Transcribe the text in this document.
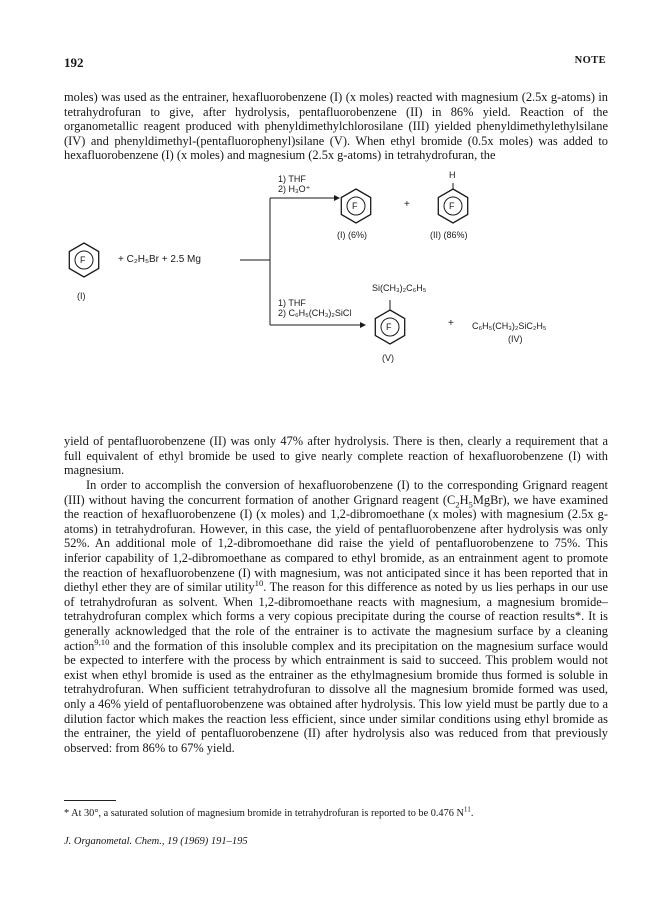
192	NOTE

moles) was used as the entrainer, hexafluorobenzene (I) (x moles) reacted with magnesium (2.5x g-atoms) in tetrahydrofuran to give, after hydrolysis, pentafluorobenzene (II) in 86% yield. Reaction of the organometallic reagent produced with phenyldimethylchlorosilane (III) yielded phenyldimethylethylsilane (IV) and phenyldimethyl-(pentafluorophenyl)silane (V). When ethyl bromide (0.5x moles) was added to hexafluorobenzene (I) (x moles) and magnesium (2.5x g-atoms) in tetrahydrofuran, the

F
(I)
+ C₂H₅Br + 2.5 Mg
1) THF
2) H₃O⁺
F	+	F
H
(I) (6%)	(II) (86%)
1) THF
2) C₆H₅(CH₃)₂SiCl
Si(CH₃)₂C₆H₅
F
(V)
+ C₆H₅(CH₃)₂SiC₂H₅
(IV)

yield of pentafluorobenzene (II) was only 47% after hydrolysis. There is then, clearly a requirement that a full equivalent of ethyl bromide be used to give nearly complete reaction of hexafluorobenzene (I) with magnesium.

In order to accomplish the conversion of hexafluorobenzene (I) to the corresponding Grignard reagent (III) without having the concurrent formation of another Grignard reagent $(C_2H_5MgBr)$, we have examined the reaction of hexafluorobenzene (I) (x moles) and 1,2-dibromoethane (x moles) with magnesium (2.5x g-atoms) in tetrahydrofuran. However, in this case, the yield of pentafluorobenzene after hydrolysis was only 52%. An additional mole of 1,2-dibromoethane did raise the yield of pentafluorobenzene to 75%. This inferior capability of 1,2-dibromoethane as compared to ethyl bromide, as an entrainment agent to promote the reaction of hexafluorobenzene (I) with magnesium, was not anticipated since it has been reported that in diethyl ether they are of similar utility$^{10}$. The reason for this difference as noted by us lies perhaps in our use of tetrahydrofuran as solvent. When 1,2-dibromoethane reacts with magnesium, a magnesium bromide–tetrahydrofuran complex which forms a very copious precipitate during the course of reaction results*. It is generally acknowledged that the role of the entrainer is to activate the magnesium surface by a cleaning action$^{9,10}$ and the formation of this insoluble complex and its precipitation on the magnesium surface would be expected to interfere with the process by which entrainment is said to succeed. This problem would not exist when ethyl bromide is used as the entrainer as the ethylmagnesium bromide thus formed is soluble in tetrahydrofuran. When sufficient tetrahydrofuran to dissolve all the magnesium bromide formed was used, only a 46% yield of pentafluorobenzene was obtained after hydrolysis. This low yield must be partly due to a dilution factor which makes the reaction less efficient, since under similar conditions using ethyl bromide as the entrainer, the yield of pentafluorobenzene (II) after hydrolysis also was reduced from that previously observed: from 86% to 67% yield.

* At 30°, a saturated solution of magnesium bromide in tetrahydrofuran is reported to be 0.476 $N^{11}$.

J. Organometal. Chem., 19 (1969) 191–195
